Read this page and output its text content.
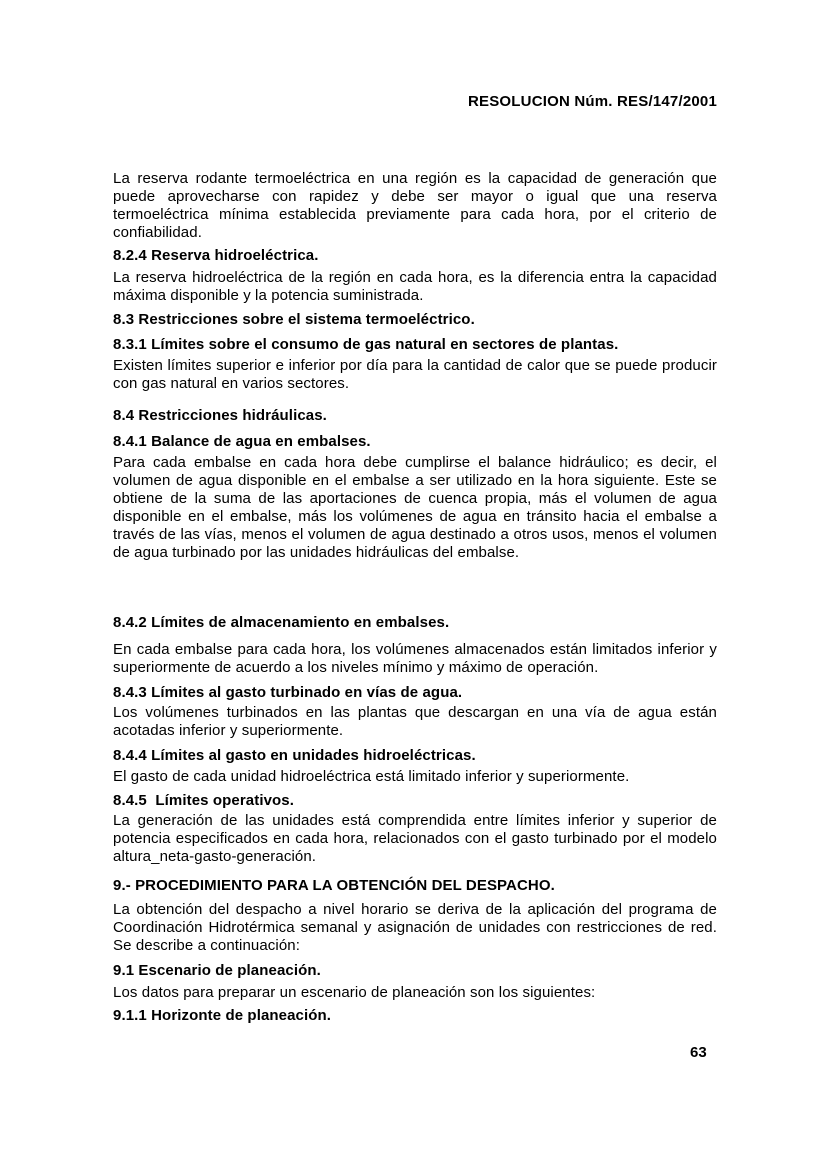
RESOLUCION Núm. RES/147/2001
La reserva rodante termoeléctrica en una región es la capacidad de generación que puede aprovecharse con rapidez y debe ser mayor o igual que una reserva termoeléctrica mínima establecida previamente para cada hora, por el criterio de confiabilidad.
8.2.4 Reserva hidroeléctrica.
La reserva hidroeléctrica de la región en cada hora, es la diferencia entra la capacidad máxima disponible y la potencia suministrada.
8.3 Restricciones sobre el sistema termoeléctrico.
8.3.1 Límites sobre el consumo de gas natural en sectores de plantas.
Existen límites superior e inferior por día para la cantidad de calor que se puede producir con gas natural en varios sectores.
8.4 Restricciones hidráulicas.
8.4.1 Balance de agua en embalses.
Para cada embalse en cada hora debe cumplirse el balance hidráulico; es decir, el volumen de agua disponible en el embalse a ser utilizado en la hora siguiente. Este se obtiene de la suma de las aportaciones de cuenca propia, más el volumen de agua disponible en el embalse, más los volúmenes de agua en tránsito hacia el embalse a través de las vías, menos el volumen de agua destinado a otros usos, menos el volumen de agua turbinado por las unidades hidráulicas del embalse.
8.4.2 Límites de almacenamiento en embalses.
En cada embalse para cada hora, los volúmenes almacenados están limitados inferior y superiormente de acuerdo a los niveles mínimo y máximo de operación.
8.4.3 Límites al gasto turbinado en vías de agua.
Los volúmenes turbinados en las plantas que descargan en una vía de agua están acotadas inferior y superiormente.
8.4.4 Límites al gasto en unidades hidroeléctricas.
El gasto de cada unidad hidroeléctrica está limitado inferior y superiormente.
8.4.5  Límites operativos.
La generación de las unidades está comprendida entre límites inferior y superior de potencia especificados en cada hora, relacionados con el gasto turbinado por el modelo altura_neta-gasto-generación.
9.- PROCEDIMIENTO PARA LA OBTENCIÓN DEL DESPACHO.
La obtención del despacho a nivel horario se deriva de la aplicación del programa de Coordinación Hidrotérmica semanal y asignación de unidades con restricciones de red. Se describe a continuación:
9.1 Escenario de planeación.
Los datos para preparar un escenario de planeación son los siguientes:
9.1.1 Horizonte de planeación.
63
